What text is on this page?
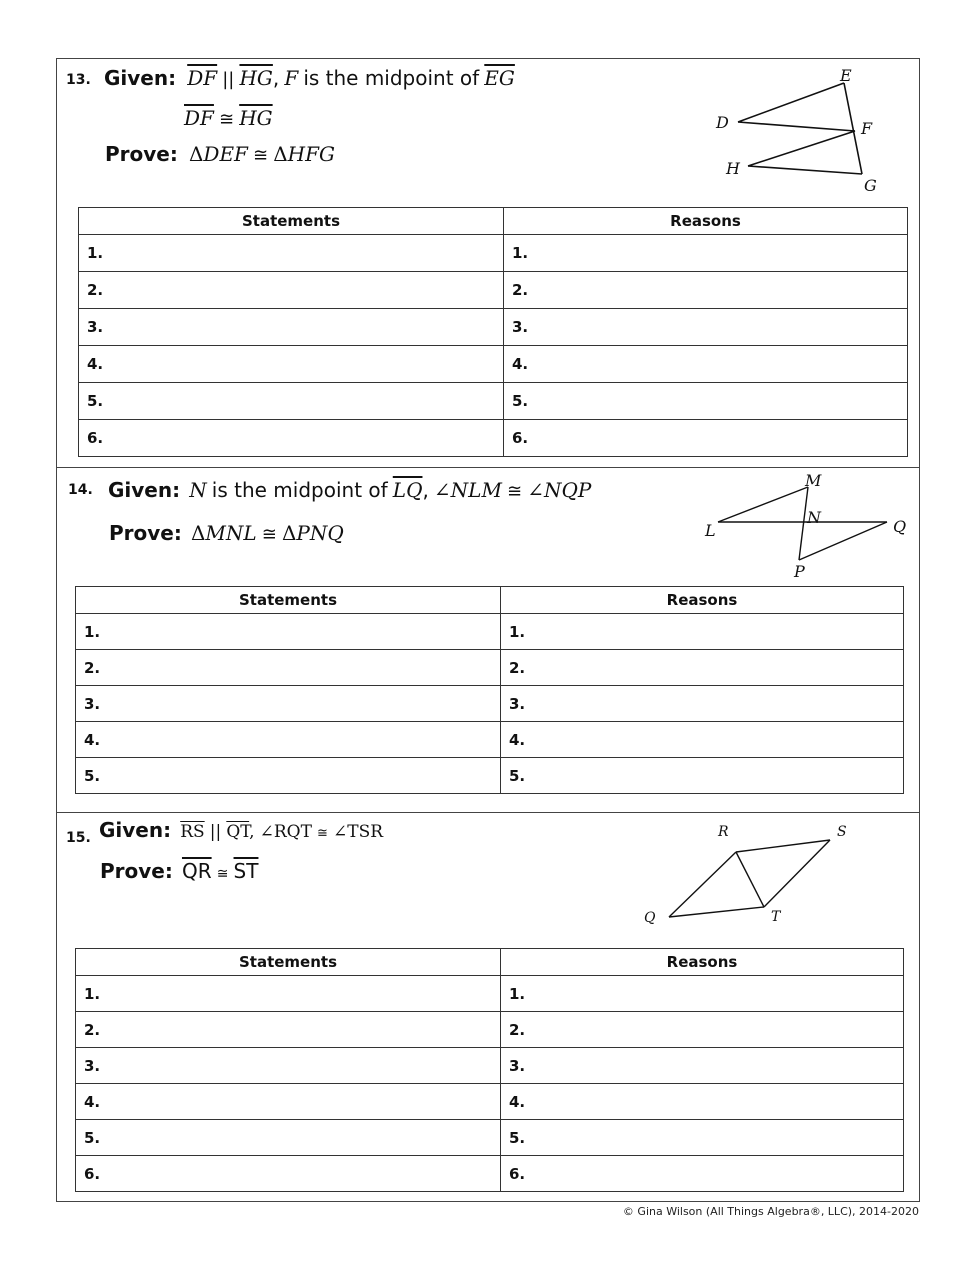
13. Given: $\overline{DF}$ || $\overline{HG}$, F is the midpoint of $\overline{EG}$
$\overline{DF}$ ≅ $\overline{HG}$
Prove: ΔDEF ≅ ΔHFG
E
D	F
H
G
Statements	Reasons
1.	1.
2.	2.
3.	3.
4.	4.
5.	5.
6.	6.
14. Given: N is the midpoint of $\overline{LQ}$, ∠NLM ≅ ∠NQP
Prove: ΔMNL ≅ ΔPNQ
M
L
N	Q
P
Statements	Reasons
1.	1.
2.	2.
3.	3.
4.	4.
5.	5.
15. Given: $\overline{RS}$ || $\overline{QT}$, ∠RQT ≅ ∠TSR
Prove: $\overline{QR}$ ≅ $\overline{ST}$
R	S
Q	T
Statements	Reasons
1.	1.
2.	2.
3.	3.
4.	4.
5.	5.
6.	6.
© Gina Wilson (All Things Algebra®, LLC), 2014-2020
